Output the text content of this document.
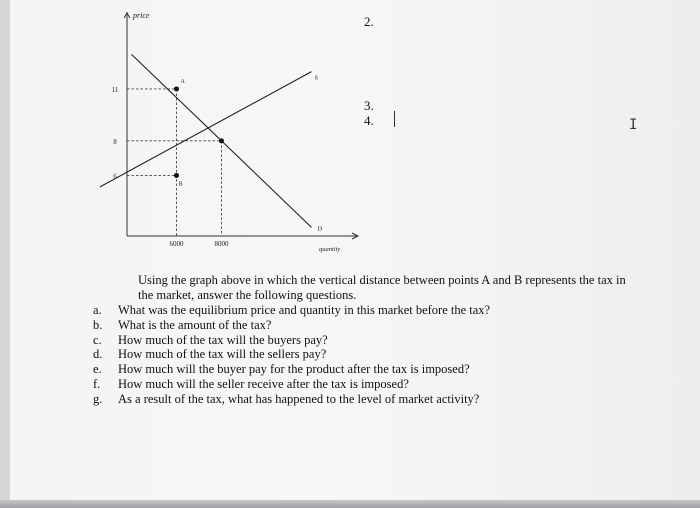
price
quantity
11
8
6
6000	8000
S
D
A
B
2.
3.
4.	I
Using the graph above in which the vertical distance between points A and B represents the tax in
the market, answer the following questions.
a.	What was the equilibrium price and quantity in this market before the tax?
b.	What is the amount of the tax?
c.	How much of the tax will the buyers pay?
d.	How much of the tax will the sellers pay?
e.	How much will the buyer pay for the product after the tax is imposed?
f.	How much will the seller receive after the tax is imposed?
g.	As a result of the tax, what has happened to the level of market activity?
